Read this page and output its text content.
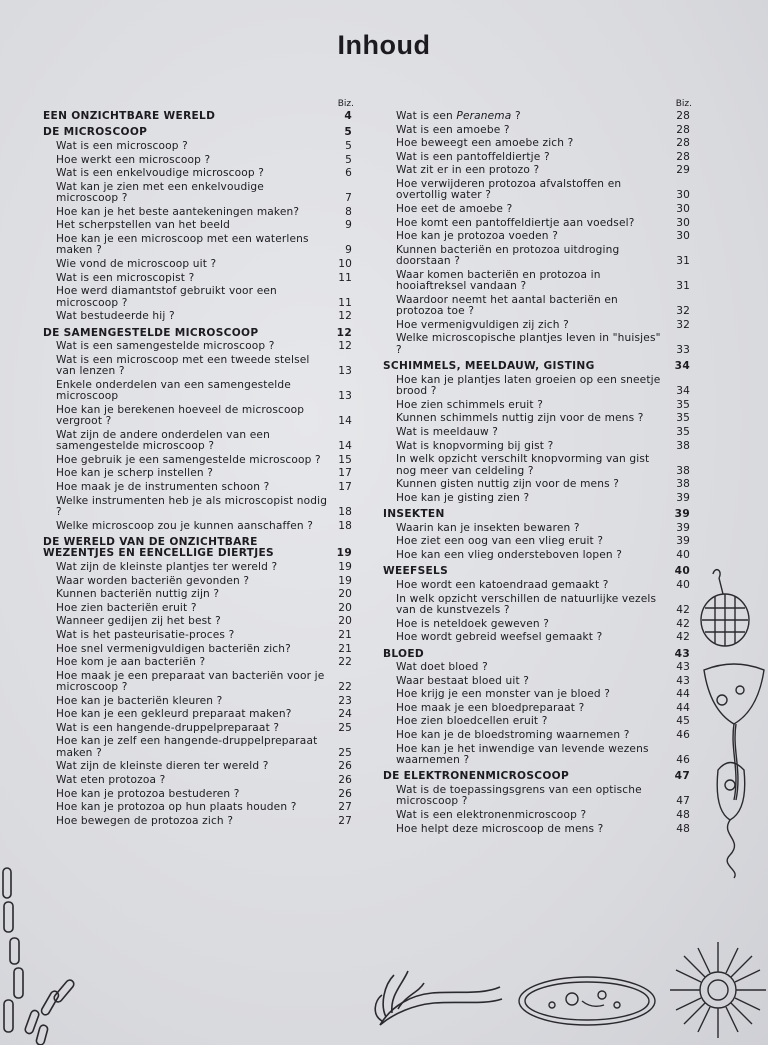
Inhoud
Biz.
EEN ONZICHTBARE WERELD	4
DE MICROSCOOP	5
Wat is een microscoop ?	5
Hoe werkt een microscoop ?	5
Wat is een enkelvoudige microscoop ?	6
Wat kan je zien met een enkelvoudige microscoop ?	7
Hoe kan je het beste aantekeningen maken?	8
Het scherpstellen van het beeld	9
Hoe kan je een microscoop met een waterlens maken ?	9
Wie vond de microscoop uit ?	10
Wat is een microscopist ?	11
Hoe werd diamantstof gebruikt voor een microscoop ?	11
Wat bestudeerde hij ?	12
DE SAMENGESTELDE MICROSCOOP	12
Wat is een samengestelde microscoop ?	12
Wat is een microscoop met een tweede stelsel van lenzen ?	13
Enkele onderdelen van een samengestelde microscoop	13
Hoe kan je berekenen hoeveel de microscoop vergroot ?	14
Wat zijn de andere onderdelen van een samengestelde microscoop ?	14
Hoe gebruik je een samengestelde microscoop ? 15
Hoe kan je scherp instellen ?	17
Hoe maak je de instrumenten schoon ?	17
Welke instrumenten heb je als microscopist nodig ?	18
Welke microscoop zou je kunnen aanschaffen ? 18
DE WERELD VAN DE ONZICHTBARE WEZENTJES EN EENCELLIGE DIERTJES	19
Wat zijn de kleinste plantjes ter wereld ?	19
Waar worden bacteriën gevonden ?	19
Kunnen bacteriën nuttig zijn ?	20
Hoe zien bacteriën eruit ?	20
Wanneer gedijen zij het best ?	20
Wat is het pasteurisatie-proces ?	21
Hoe snel vermenigvuldigen bacteriën zich?	21
Hoe kom je aan bacteriën ?	22
Hoe maak je een preparaat van bacteriën voor je microscoop ?	22
Hoe kan je bacteriën kleuren ?	23
Hoe kan je een gekleurd preparaat maken?	24
Wat is een hangende-druppelpreparaat ?	25
Hoe kan je zelf een hangende-druppelpreparaat maken ?	25
Wat zijn de kleinste dieren ter wereld ?	26
Wat eten protozoa ?	26
Hoe kan je protozoa bestuderen ?	26
Hoe kan je protozoa op hun plaats houden ?	27
Hoe bewegen de protozoa zich ?	27
Biz.
Wat is een Peranema ?	28
Wat is een amoebe ?	28
Hoe beweegt een amoebe zich ?	28
Wat is een pantoffeldiertje ?	28
Wat zit er in een protozo ?	29
Hoe verwijderen protozoa afvalstoffen en overtollig water ?	30
Hoe eet de amoebe ?	30
Hoe komt een pantoffeldiertje aan voedsel?	30
Hoe kan je protozoa voeden ?	30
Kunnen bacteriën en protozoa uitdroging doorstaan ?	31
Waar komen bacteriën en protozoa in hooiaftreksel vandaan ?	31
Waardoor neemt het aantal bacteriën en protozoa toe ?	32
Hoe vermenigvuldigen zij zich ?	32
Welke microscopische plantjes leven in "huisjes" ?	33
SCHIMMELS, MEELDAUW, GISTING	34
Hoe kan je plantjes laten groeien op een sneetje brood ?	34
Hoe zien schimmels eruit ?	35
Kunnen schimmels nuttig zijn voor de mens ?	35
Wat is meeldauw ?	35
Wat is knopvorming bij gist ?	38
In welk opzicht verschilt knopvorming van gist nog meer van celdeling ?	38
Kunnen gisten nuttig zijn voor de mens ?	38
Hoe kan je gisting zien ?	39
INSEKTEN	39
Waarin kan je insekten bewaren ?	39
Hoe ziet een oog van een vlieg eruit ?	39
Hoe kan een vlieg ondersteboven lopen ?	40
WEEFSELS	40
Hoe wordt een katoendraad gemaakt ?	40
In welk opzicht verschillen de natuurlijke vezels van de kunstvezels ?	42
Hoe is neteldoek geweven ?	42
Hoe wordt gebreid weefsel gemaakt ?	42
BLOED	43
Wat doet bloed ?	43
Waar bestaat bloed uit ?	43
Hoe krijg je een monster van je bloed ?	44
Hoe maak je een bloedpreparaat ?	44
Hoe zien bloedcellen eruit ?	45
Hoe kan je de bloedstroming waarnemen ?	46
Hoe kan je het inwendige van levende wezens waarnemen ?	46
DE ELEKTRONENMICROSCOOP	47
Wat is de toepassingsgrens van een optische microscoop ?	47
Wat is een elektronenmicroscoop ?	48
Hoe helpt deze microscoop de mens ?	48
